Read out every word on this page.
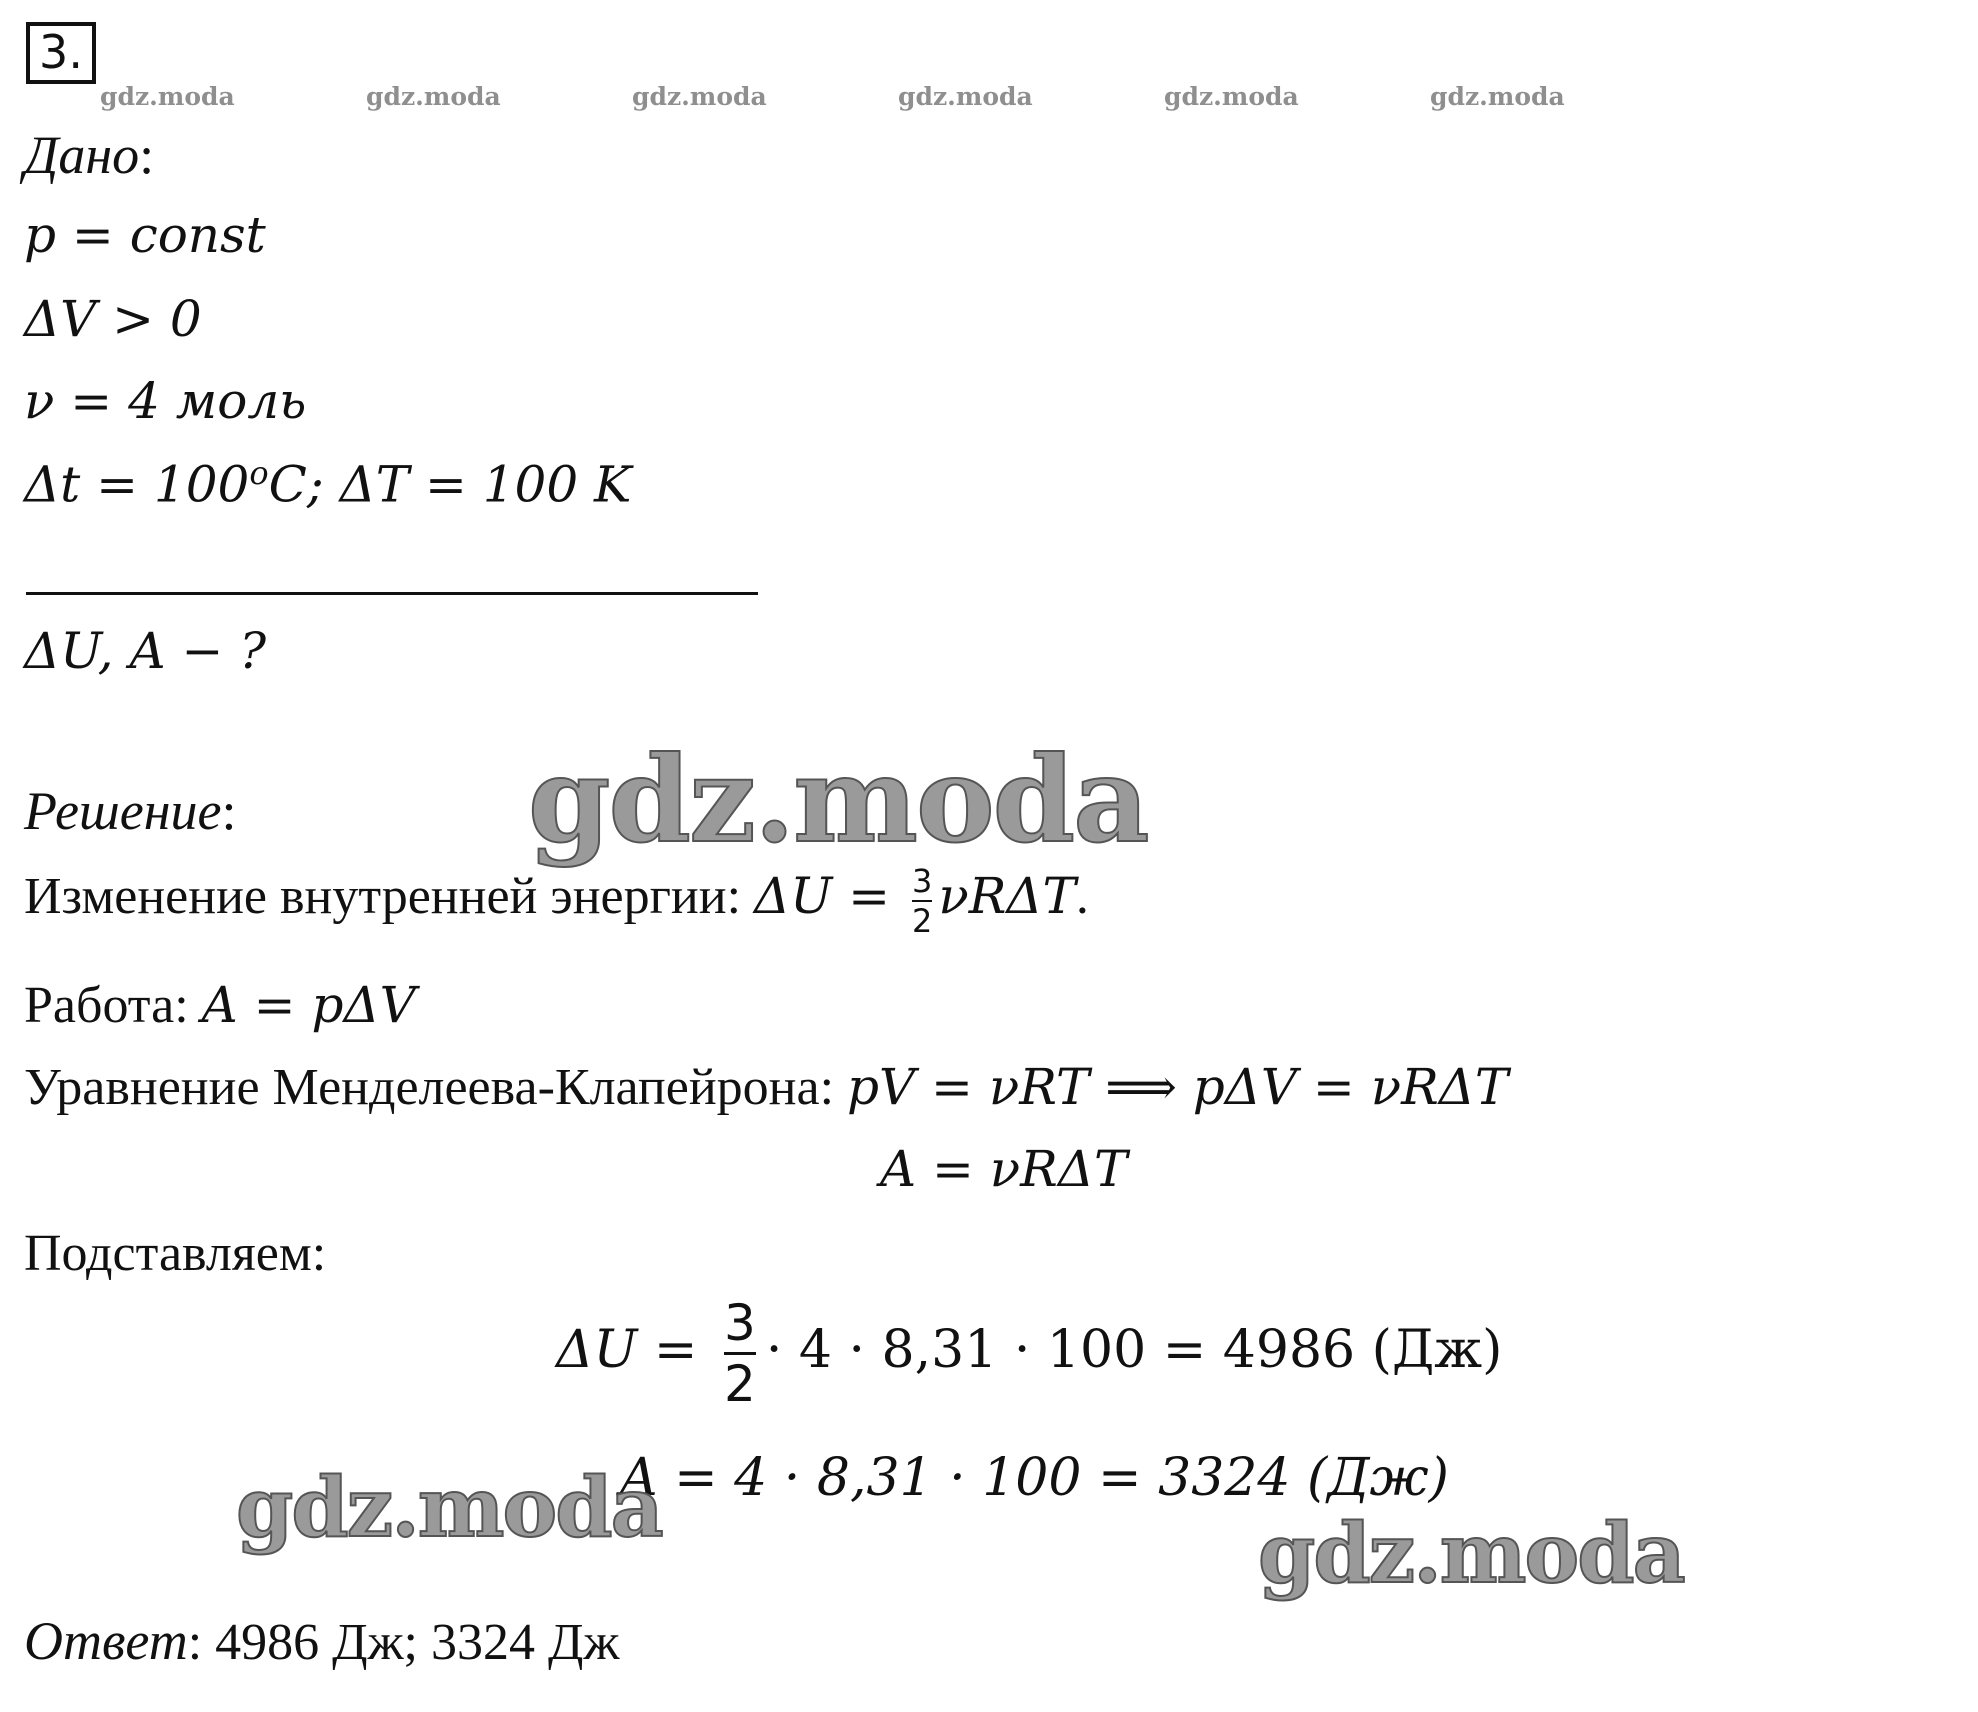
3.
gdz.moda	gdz.moda	gdz.moda	gdz.moda	gdz.moda	gdz.moda
Дано:
p = const
ΔV > 0
ν = 4 моль
$\Delta t = 100^oC$; ΔT = 100 K
ΔU, A − ?
Решение: gdz.moda
Изменение внутренней энергии: $\Delta U = \frac{3}{2} \nu R\Delta T$.
Работа: A = pΔV
Уравнение Менделеева-Клапейрона: pV = νRT ⟹ pΔV = νRΔT
A = νRΔT
Подставляем:
$\Delta U = \frac{3}{2} \cdot 4 \cdot 8,31 \cdot 100 = 4986$ (Дж)
A = 4 · 8,31 · 100 = 3324 (Дж)
gdz.moda	gdz.moda
Ответ: 4986 Дж; 3324 Дж
